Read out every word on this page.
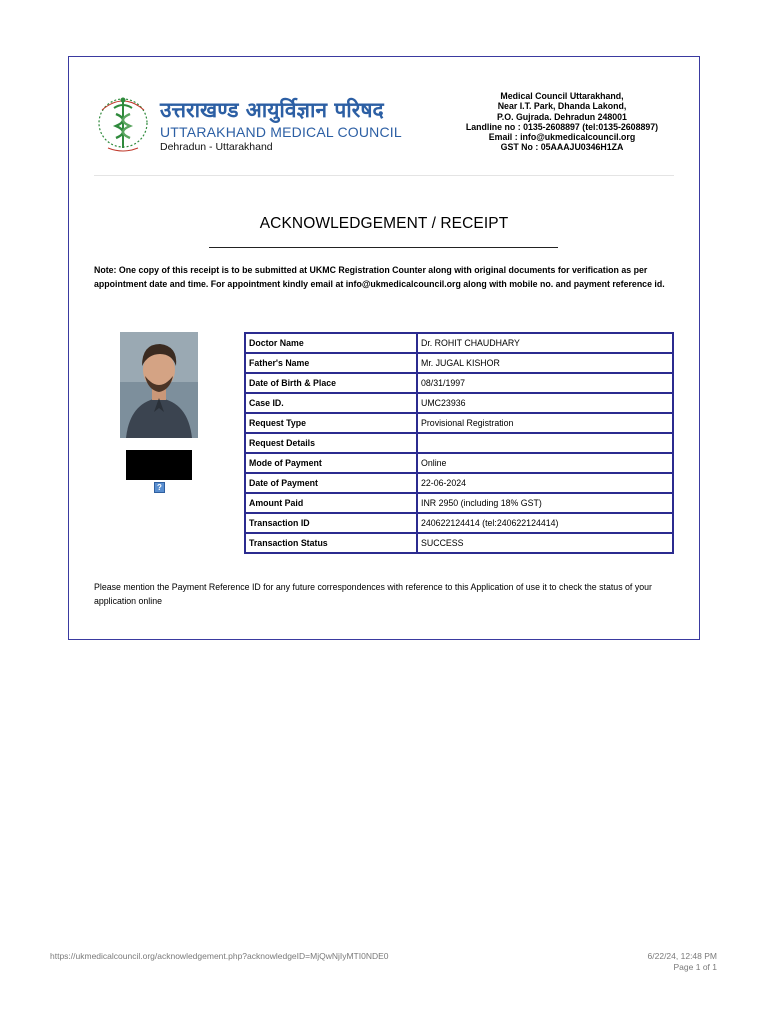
उत्तराखण्ड आयुर्विज्ञान परिषद
UTTARAKHAND MEDICAL COUNCIL
Dehradun - Uttarakhand
Medical Council Uttarakhand,
Near I.T. Park, Dhanda Lakond,
P.O. Gujrada. Dehradun 248001
Landline no : 0135-2608897 (tel:0135-2608897)
Email : info@ukmedicalcouncil.org
GST No : 05AAAJU0346H1ZA
ACKNOWLEDGEMENT / RECEIPT
Note: One copy of this receipt is to be submitted at UKMC Registration Counter along with original documents for verification as per appointment date and time. For appointment kindly email at info@ukmedicalcouncil.org along with mobile no. and payment reference id.
?
Doctor Name	Dr. ROHIT CHAUDHARY
Father's Name	Mr. JUGAL KISHOR
Date of Birth & Place	08/31/1997
Case ID.	UMC23936
Request Type	Provisional Registration
Request Details	
Mode of Payment	Online
Date of Payment	22-06-2024
Amount Paid	INR 2950 (including 18% GST)
Transaction ID	240622124414 (tel:240622124414)
Transaction Status	SUCCESS
Please mention the Payment Reference ID for any future correspondences with reference to this Application of use it to check the status of your application online
https://ukmedicalcouncil.org/acknowledgement.php?acknowledgeID=MjQwNjIyMTI0NDE0	6/22/24, 12:48 PM
Page 1 of 1
